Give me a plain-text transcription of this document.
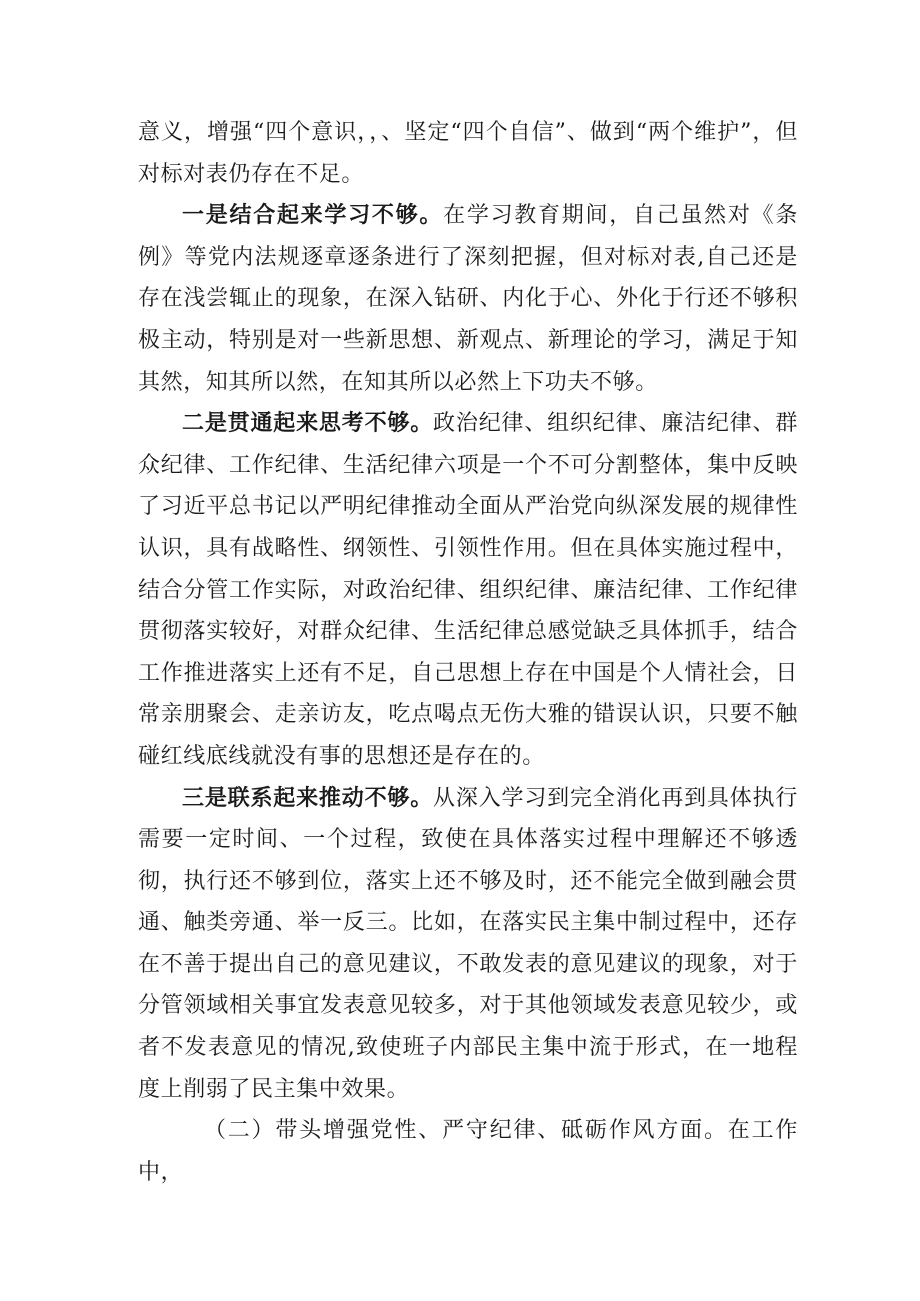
意义，增强“四个意识，，、坚定“四个自信”、做到“两个维护”，但对标对表仍存在不足。

一是结合起来学习不够。在学习教育期间，自己虽然对《条例》等党内法规逐章逐条进行了深刻把握，但对标对表,自己还是存在浅尝辄止的现象，在深入钻研、内化于心、外化于行还不够积极主动，特别是对一些新思想、新观点、新理论的学习，满足于知其然，知其所以然，在知其所以必然上下功夫不够。

二是贯通起来思考不够。政治纪律、组织纪律、廉洁纪律、群众纪律、工作纪律、生活纪律六项是一个不可分割整体，集中反映了习近平总书记以严明纪律推动全面从严治党向纵深发展的规律性认识，具有战略性、纲领性、引领性作用。但在具体实施过程中，结合分管工作实际，对政治纪律、组织纪律、廉洁纪律、工作纪律贯彻落实较好，对群众纪律、生活纪律总感觉缺乏具体抓手，结合工作推进落实上还有不足，自己思想上存在中国是个人情社会，日常亲朋聚会、走亲访友，吃点喝点无伤大雅的错误认识，只要不触碰红线底线就没有事的思想还是存在的。

三是联系起来推动不够。从深入学习到完全消化再到具体执行需要一定时间、一个过程，致使在具体落实过程中理解还不够透彻，执行还不够到位，落实上还不够及时，还不能完全做到融会贯通、触类旁通、举一反三。比如，在落实民主集中制过程中，还存在不善于提出自己的意见建议，不敢发表的意见建议的现象，对于分管领域相关事宜发表意见较多，对于其他领域发表意见较少，或者不发表意见的情况,致使班子内部民主集中流于形式，在一地程度上削弱了民主集中效果。

（二）带头增强党性、严守纪律、砥砺作风方面。在工作中，
